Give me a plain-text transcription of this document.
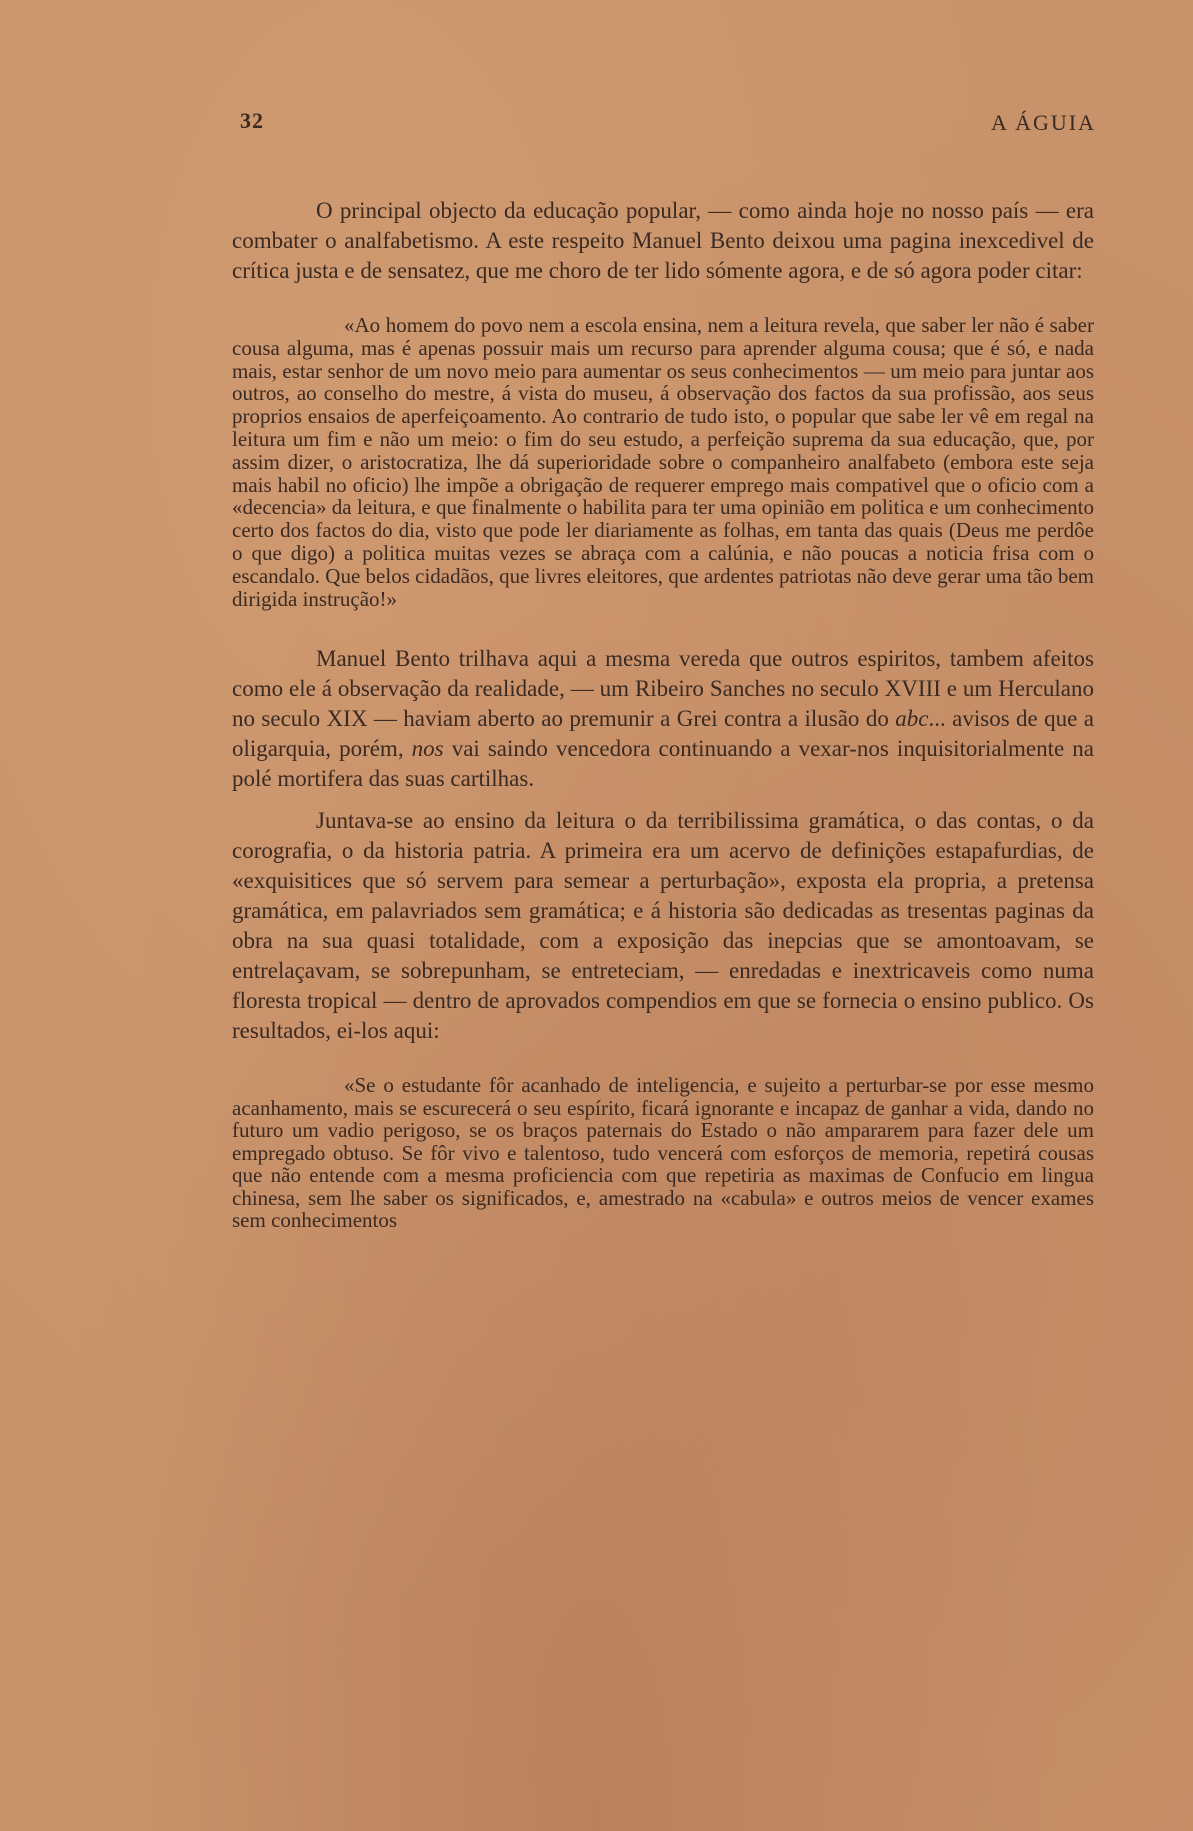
32	A ÁGUIA

O principal objecto da educação popular, — como ainda hoje no nosso país — era combater o analfabetismo. A este respeito Manuel Bento deixou uma pagina inexcedivel de crítica justa e de sensatez, que me choro de ter lido sómente agora, e de só agora poder citar:

«Ao homem do povo nem a escola ensina, nem a leitura revela, que saber ler não é saber cousa alguma, mas é apenas possuir mais um recurso para aprender alguma cousa; que é só, e nada mais, estar senhor de um novo meio para aumentar os seus conhecimentos — um meio para juntar aos outros, ao conselho do mestre, á vista do museu, á observação dos factos da sua profissão, aos seus proprios ensaios de aperfeiçoamento. Ao contrario de tudo isto, o popular que sabe ler vê em regal na leitura um fim e não um meio: o fim do seu estudo, a perfeição suprema da sua educação, que, por assim dizer, o aristocratiza, lhe dá superioridade sobre o companheiro analfabeto (embora este seja mais habil no oficio) lhe impõe a obrigação de requerer emprego mais compativel que o oficio com a «decencia» da leitura, e que finalmente o habilita para ter uma opinião em politica e um conhecimento certo dos factos do dia, visto que pode ler diariamente as folhas, em tanta das quais (Deus me perdôe o que digo) a politica muitas vezes se abraça com a calúnia, e não poucas a noticia frisa com o escandalo. Que belos cidadãos, que livres eleitores, que ardentes patriotas não deve gerar uma tão bem dirigida instrução!»

Manuel Bento trilhava aqui a mesma vereda que outros espiritos, tambem afeitos como ele á observação da realidade, — um Ribeiro Sanches no seculo XVIII e um Herculano no seculo XIX — haviam aberto ao premunir a Grei contra a ilusão do abc... avisos de que a oligarquia, porém, nos vai saindo vencedora continuando a vexar-nos inquisitorialmente na polé mortifera das suas cartilhas.

Juntava-se ao ensino da leitura o da terribilissima gramática, o das contas, o da corografia, o da historia patria. A primeira era um acervo de definições estapafurdias, de «exquisitices que só servem para semear a perturbação», exposta ela propria, a pretensa gramática, em palavriados sem gramática; e á historia são dedicadas as tresentas paginas da obra na sua quasi totalidade, com a exposição das inepcias que se amontoavam, se entrelaçavam, se sobrepunham, se entreteciam, — enredadas e inextricaveis como numa floresta tropical — dentro de aprovados compendios em que se fornecia o ensino publico. Os resultados, ei-los aqui:

«Se o estudante fôr acanhado de inteligencia, e sujeito a perturbar-se por esse mesmo acanhamento, mais se escurecerá o seu espírito, ficará ignorante e incapaz de ganhar a vida, dando no futuro um vadio perigoso, se os braços paternais do Estado o não ampararem para fazer dele um empregado obtuso. Se fôr vivo e talentoso, tudo vencerá com esforços de memoria, repetirá cousas que não entende com a mesma proficiencia com que repetiria as maximas de Confucio em lingua chinesa, sem lhe saber os significados, e, amestrado na «cabula» e outros meios de vencer exames sem conhecimentos
